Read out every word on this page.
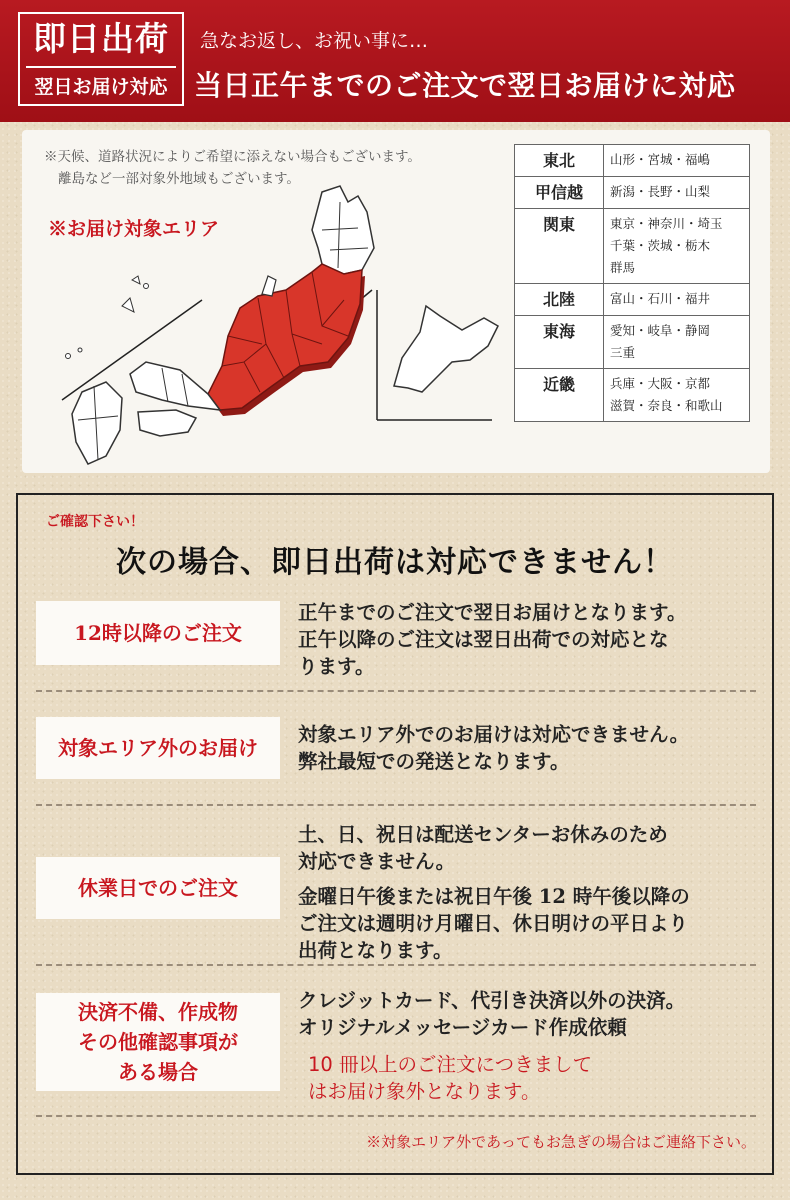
即日出荷
翌日お届け対応
急なお返し、お祝い事に…
当日正午までのご注文で翌日お届けに対応
※天候、道路状況によりご希望に添えない場合もございます。
離島など一部対象外地域もございます。
※お届け対象エリア
東北	山形・宮城・福嶋

甲信越	新潟・長野・山梨

関東	東京・神奈川・埼玉
千葉・茨城・栃木
群馬

北陸	富山・石川・福井

東海	愛知・岐阜・静岡
三重

近畿	兵庫・大阪・京都
滋賀・奈良・和歌山
ご確認下さい！
次の場合、即日出荷は対応できません！
12時以降のご注文

正午までのご注文で翌日お届けとなります。

正午以降のご注文は翌日出荷での対応とな

ります。

対象エリア外のお届け

対象エリア外でのお届けは対応できません。

弊社最短での発送となります。

休業日でのご注文

土、日、祝日は配送センターお休みのため

対応できません。

金曜日午後または祝日午後 12 時午後以降の

ご注文は週明け月曜日、休日明けの平日より

出荷となります。

決済不備、作成物
その他確認事項が
ある場合

クレジットカード、代引き決済以外の決済。

オリジナルメッセージカード作成依頼

10 冊以上のご注文につきまして

はお届け象外となります。

※対象エリア外であってもお急ぎの場合はご連絡下さい。
